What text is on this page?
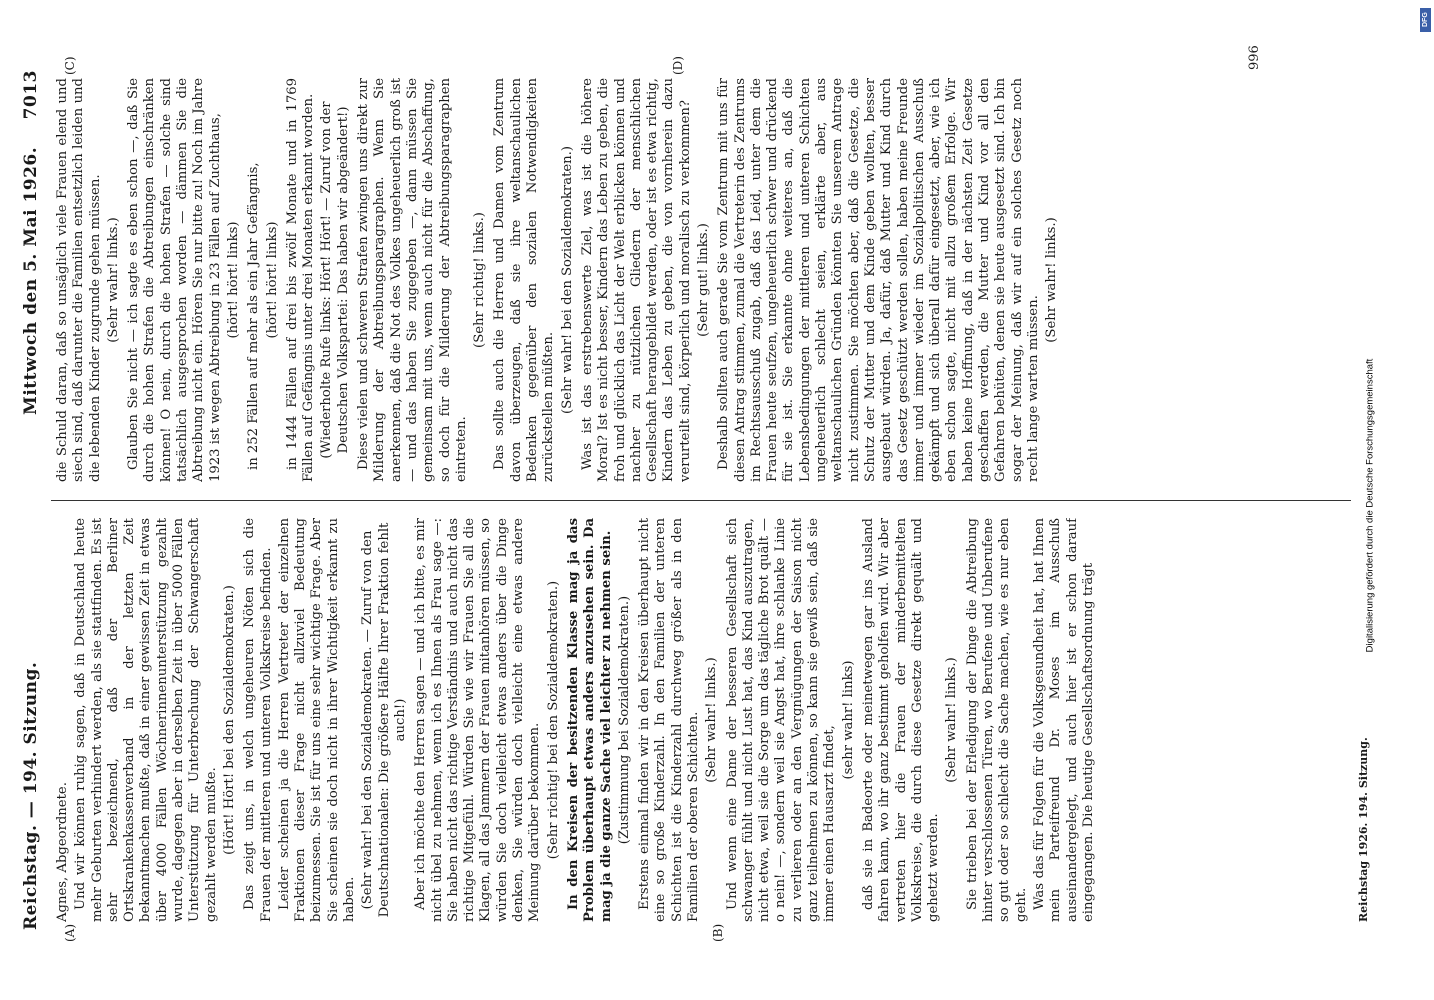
Reichstag. — 194. Sitzung.
Mittwoch den 5. Mai 1926.
7013
(A)	(B)
(C)	(D)

Agnes, Abgeordnete. Und wir können ruhig sagen, daß in Deutschland heute mehr Geburten verhindert werden, als sie stattfinden. Es ist sehr bezeichnend, daß der Berliner Ortskrankenkassenverband in der letzten Zeit bekanntmachen mußte, daß in einer gewissen Zeit in etwas über 4000 Fällen Wöchnerinnenunterstützung gezahlt wurde, dagegen aber in derselben Zeit in über 5000 Fällen Unterstützung für Unterbrechung der Schwangerschaft gezahlt werden mußte. (Hört! Hört! bei den Sozialdemokraten.) Das zeigt uns, in welch ungeheuren Nöten sich die Frauen der mittleren und unteren Volkskreise befinden. Leider scheinen ja die Herren Vertreter der einzelnen Fraktionen dieser Frage nicht allzuviel Bedeutung beizumessen. Sie ist für uns eine sehr wichtige Frage. Aber Sie scheinen sie doch nicht in ihrer Wichtigkeit erkannt zu haben. (Sehr wahr! bei den Sozialdemokraten. — Zuruf von den Deutschnationalen: Die größere Hälfte Ihrer Fraktion fehlt auch!) Aber ich möchte den Herren sagen — und ich bitte, es mir nicht übel zu nehmen, wenn ich es Ihnen als Frau sage —: Sie haben nicht das richtige Verständnis und auch nicht das richtige Mitgefühl. Würden Sie wie wir Frauen Sie all die Klagen, all das Jammern der Frauen mitanhören müssen, so würden Sie doch vielleicht etwas anders über die Dinge denken, Sie würden doch vielleicht eine etwas andere Meinung darüber bekommen. (Sehr richtig! bei den Sozialdemokraten.) In den Kreisen der besitzenden Klasse mag ja das Problem überhaupt etwas anders anzusehen sein. Da mag ja die ganze Sache viel leichter zu nehmen sein. (Zustimmung bei Sozialdemokraten.) Erstens einmal finden wir in den Kreisen überhaupt nicht eine so große Kinderzahl. In den Familien der unteren Schichten ist die Kinderzahl durchweg größer als in den Familien der oberen Schichten. (Sehr wahr! links.) Und wenn eine Dame der besseren Gesellschaft sich schwanger fühlt und nicht Lust hat, das Kind auszutragen, nicht etwa, weil sie die Sorge um das tägliche Brot quält — o nein! —, sondern weil sie Angst hat, ihre schlanke Linie zu verlieren oder an den Vergnügungen der Saison nicht ganz teilnehmen zu können, so kann sie gewiß sein, daß sie immer einen Hausarzt findet,

(sehr wahr! links) daß sie in Badeorte oder meinetwegen gar ins Ausland fahren kann, wo ihr ganz bestimmt geholfen wird. Wir aber vertreten hier die Frauen der minderbemittelten Volkskreise, die durch diese Gesetze direkt gequält und gehetzt werden.

(Sehr wahr! links.) Sie trieben bei der Erledigung der Dinge die Abtreibung hinter verschlossenen Türen, wo Berufene und Unberufene so gut oder so schlecht die Sache machen, wie es nur eben geht. Was das für Folgen für die Volksgesundheit hat, hat Ihnen mein Parteifreund Dr. Moses im Ausschuß auseinandergelegt, und auch hier ist er schon darauf eingegangen. Die heutige Gesellschaftsordnung trägt

die Schuld daran, daß so unsäglich viele Frauen elend und siech sind, daß darunter die Familien entsetzlich leiden und die lebenden Kinder zugrunde gehen müssen. (Sehr wahr! links.) Glauben Sie nicht — ich sagte es eben schon —, daß Sie durch die hohen Strafen die Abtreibungen einschränken können! O nein, durch die hohen Strafen — solche sind tatsächlich ausgesprochen worden — dämmen Sie die Abtreibung nicht ein. Hören Sie nur bitte zu! Noch im Jahre 1923 ist wegen Abtreibung in 23 Fällen auf Zuchthaus, (hört! hört! links) in 252 Fällen auf mehr als ein Jahr Gefängnis, (hört! hört! links) in 1444 Fällen auf drei bis zwölf Monate und in 1769 Fällen auf Gefängnis unter drei Monaten erkannt worden. (Wiederholte Rufe links: Hört! Hört! — Zuruf von der Deutschen Volkspartei: Das haben wir abgeändert!) Diese vielen und schweren Strafen zwingen uns direkt zur Milderung der Abtreibungsparagraphen. Wenn Sie anerkennen, daß die Not des Volkes ungeheuerlich groß ist — und das haben Sie zugegeben —, dann müssen Sie gemeinsam mit uns, wenn auch nicht für die Abschaffung, so doch für die Milderung der Abtreibungsparagraphen eintreten.

(Sehr richtig! links.) Das sollte auch die Herren und Damen vom Zentrum davon überzeugen, daß sie ihre weltanschaulichen Bedenken gegenüber den sozialen Notwendigkeiten zurückstellen müßten. (Sehr wahr! bei den Sozialdemokraten.) Was ist das erstrebenswerte Ziel, was ist die höhere Moral? Ist es nicht besser, Kindern das Leben zu geben, die froh und glücklich das Licht der Welt erblicken können und nachher zu nützlichen Gliedern der menschlichen Gesellschaft herangebildet werden, oder ist es etwa richtig, Kindern das Leben zu geben, die von vornherein dazu verurteilt sind, körperlich und moralisch zu verkommen? (Sehr gut! links.) Deshalb sollten auch gerade Sie vom Zentrum mit uns für diesen Antrag stimmen, zumal die Vertreterin des Zentrums im Rechtsausschuß zugab, daß das Leid, unter dem die Frauen heute seufzen, ungeheuerlich schwer und drückend für sie ist. Sie erkannte ohne weiteres an, daß die Lebensbedingungen der mittleren und unteren Schichten ungeheuerlich schlecht seien, erklärte aber, aus weltanschaulichen Gründen könnten Sie unserem Antrage nicht zustimmen. Sie möchten aber, daß die Gesetze, die Schutz der Mutter und dem Kinde geben wollten, besser ausgebaut würden. Ja, dafür, daß Mutter und Kind durch das Gesetz geschützt werden sollen, haben meine Freunde immer und immer wieder im Sozialpolitischen Ausschuß gekämpft und sich überall dafür eingesetzt, aber, wie ich eben schon sagte, nicht mit allzu großem Erfolge. Wir haben keine Hoffnung, daß in der nächsten Zeit Gesetze geschaffen werden, die Mutter und Kind vor all den Gefahren behüten, denen sie heute ausgesetzt sind. Ich bin sogar der Meinung, daß wir auf ein solches Gesetz noch recht lange warten müssen.

(Sehr wahr! links.)

Reichstag 1926. 194. Sitzung.
996
Digitalisierung gefördert durch die Deutsche Forschungsgemeinschaft
DFG
